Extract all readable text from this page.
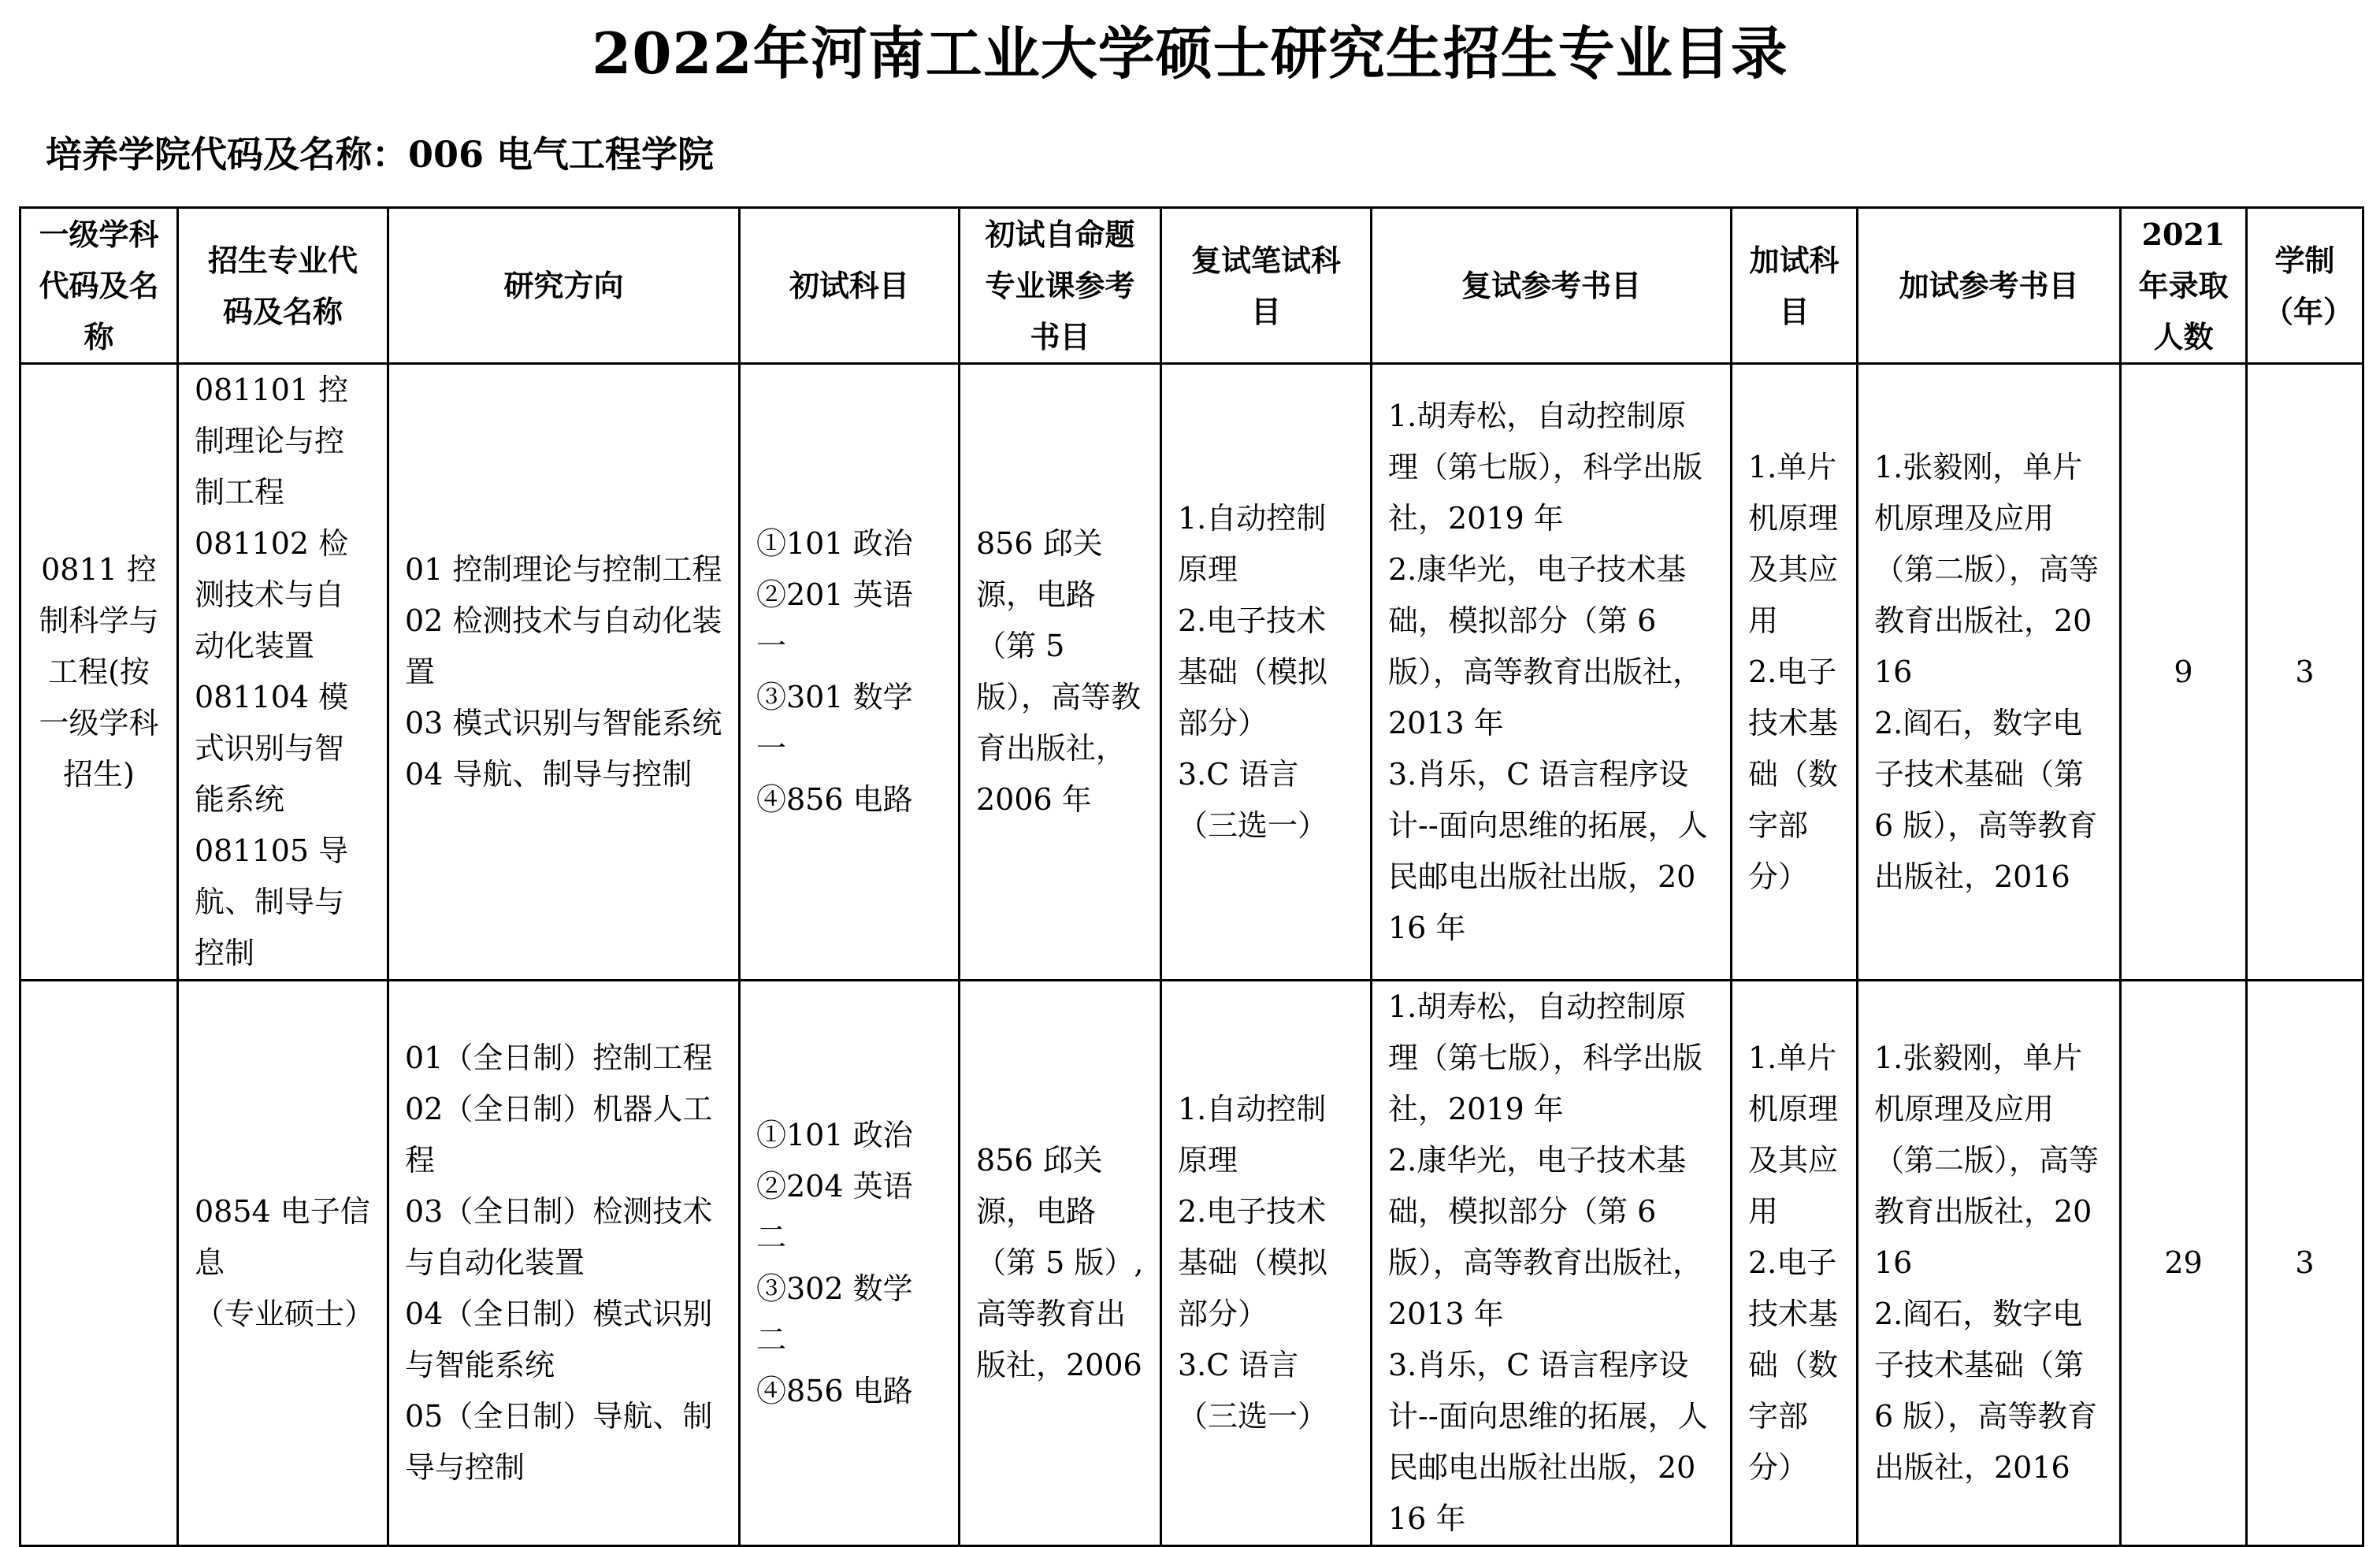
2022年河南工业大学硕士研究生招生专业目录
培养学院代码及名称：006 电气工程学院
一级学科代码及名称	招生专业代码及名称	研究方向	初试科目	初试自命题专业课参考书目	复试笔试科目	复试参考书目	加试科目	加试参考书目	2021年录取人数	学制（年）
0811 控制科学与工程(按一级学科招生)	081101 控制理论与控制工程
081102 检测技术与自动化装置
081104 模式识别与智能系统
081105 导航、制导与控制	01 控制理论与控制工程
02 检测技术与自动化装置
03 模式识别与智能系统
04 导航、制导与控制	①101 政治
②201 英语一
③301 数学一
④856 电路	856 邱关源，电路（第 5 版），高等教育出版社，2006 年	1.自动控制原理
2.电子技术基础（模拟部分）
3.C 语言
（三选一）	1.胡寿松，自动控制原理（第七版），科学出版社，2019 年
2.康华光，电子技术基础，模拟部分（第 6 版），高等教育出版社，2013 年
3.肖乐，C 语言程序设计--面向思维的拓展，人民邮电出版社出版，2016 年	1.单片机原理及其应用
2.电子技术基础（数字部分）	1.张毅刚，单片机原理及应用（第二版），高等教育出版社，2016
2.阎石，数字电子技术基础（第 6 版），高等教育出版社，2016	9	3

	0854 电子信息
（专业硕士）	01（全日制）控制工程
02（全日制）机器人工程
03（全日制）检测技术与自动化装置
04（全日制）模式识别与智能系统
05（全日制）导航、制导与控制	①101 政治
②204 英语二
③302 数学二
④856 电路	856 邱关源，电路（第 5 版）,高等教育出版社，2006	1.自动控制原理
2.电子技术基础（模拟部分）
3.C 语言
（三选一）	1.胡寿松，自动控制原理（第七版），科学出版社，2019 年
2.康华光，电子技术基础，模拟部分（第 6 版），高等教育出版社，2013 年
3.肖乐，C 语言程序设计--面向思维的拓展，人民邮电出版社出版，2016 年	1.单片机原理及其应用
2.电子技术基础（数字部分）	1.张毅刚，单片机原理及应用（第二版），高等教育出版社，2016
2.阎石，数字电子技术基础（第 6 版），高等教育出版社，2016	29	3
